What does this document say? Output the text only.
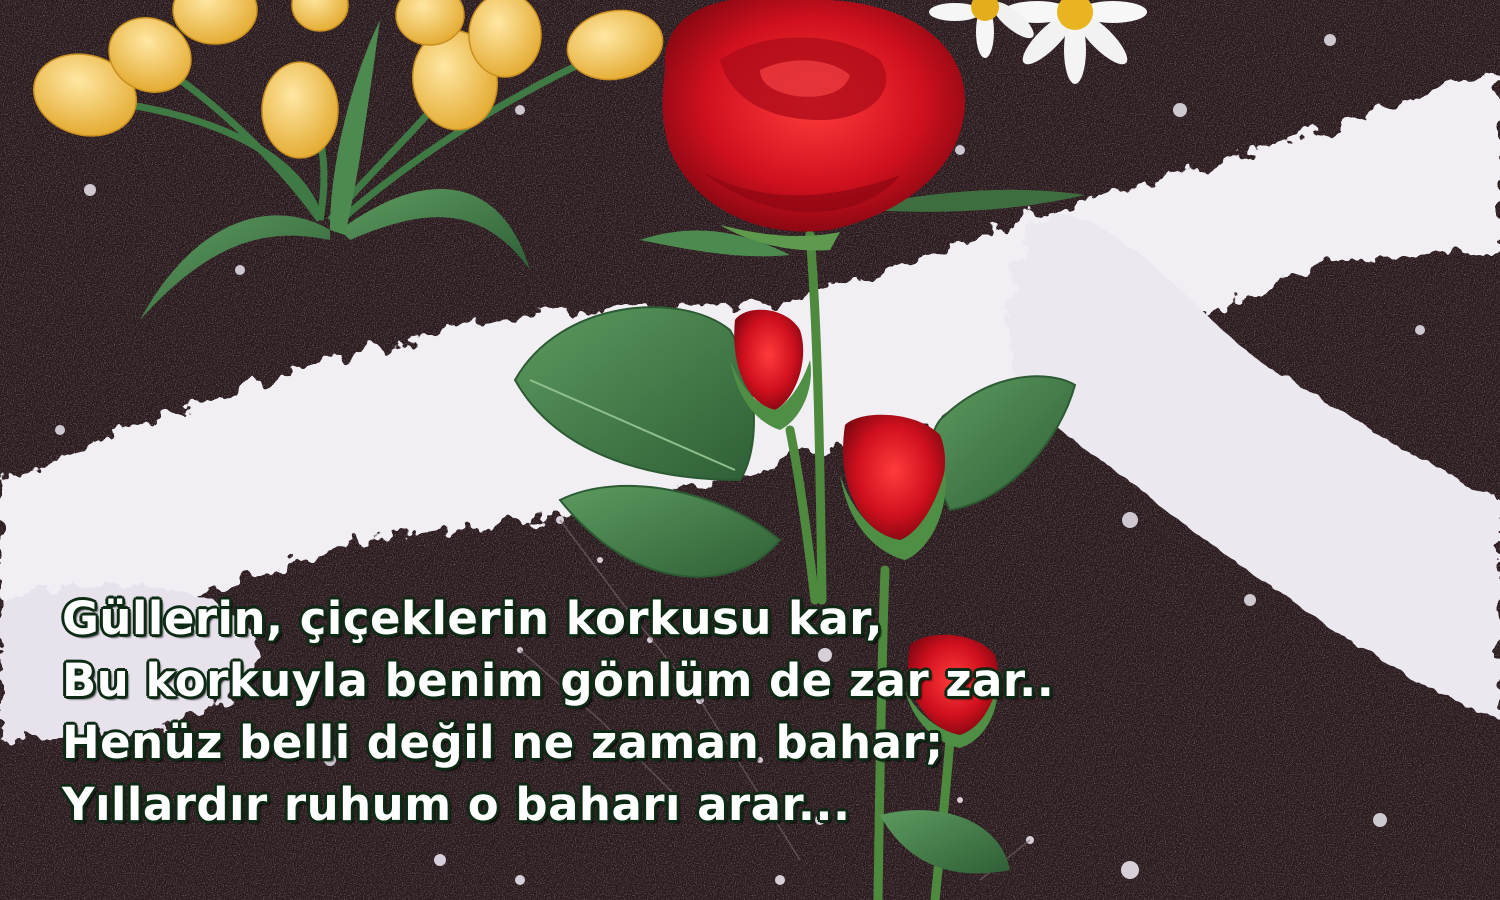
Güllerin, çiçeklerin korkusu kar,
Bu korkuyla benim gönlüm de zar zar..
Henüz belli değil ne zaman bahar;
Yıllardır ruhum o baharı arar...
